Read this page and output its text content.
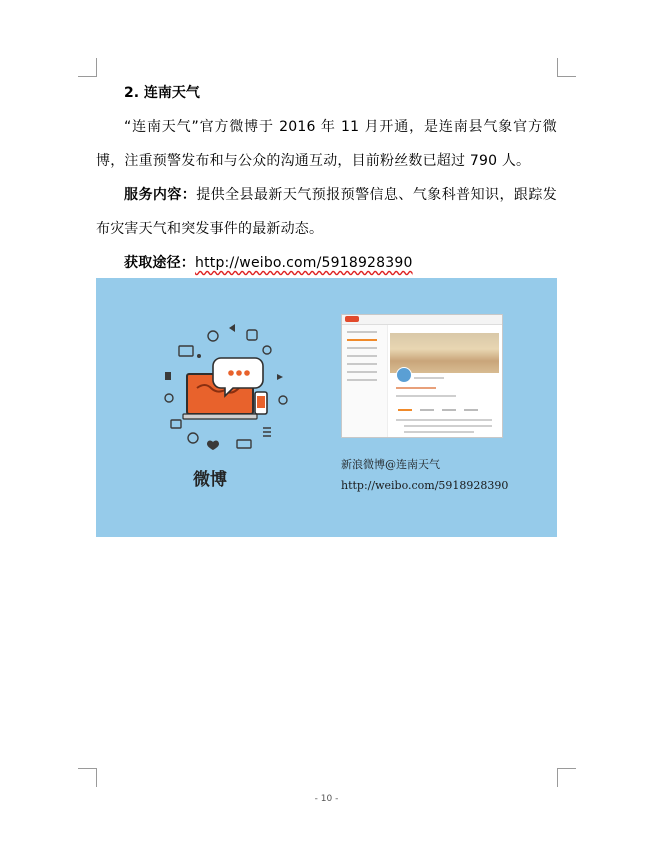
2. 连南天气

“连南天气”官方微博于 2016 年 11 月开通，是连南县气象官方微博，注重预警发布和与公众的沟通互动，目前粉丝数已超过 790 人。

服务内容：提供全县最新天气预报预警信息、气象科普知识，跟踪发布灾害天气和突发事件的最新动态。

获取途径：http://weibo.com/5918928390

微博
新浪微博@连南天气
http://weibo.com/5918928390
- 10 -
